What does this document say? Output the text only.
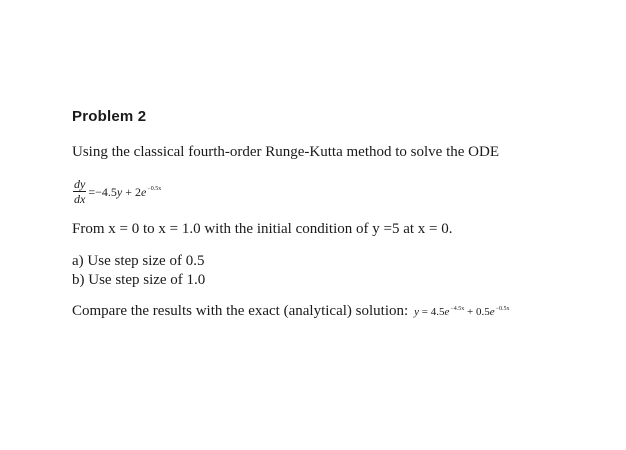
Problem 2
Using the classical fourth-order Runge-Kutta method to solve the ODE
$\frac{dy}{dx} =-4.5y + 2e^{-0.5x}$
From x = 0 to x = 1.0 with the initial condition of y =5 at x = 0.
a) Use step size of 0.5
b) Use step size of 1.0
Compare the results with the exact (analytical) solution: $y = 4.5e^{-4.5x} + 0.5e^{-0.5x}$
